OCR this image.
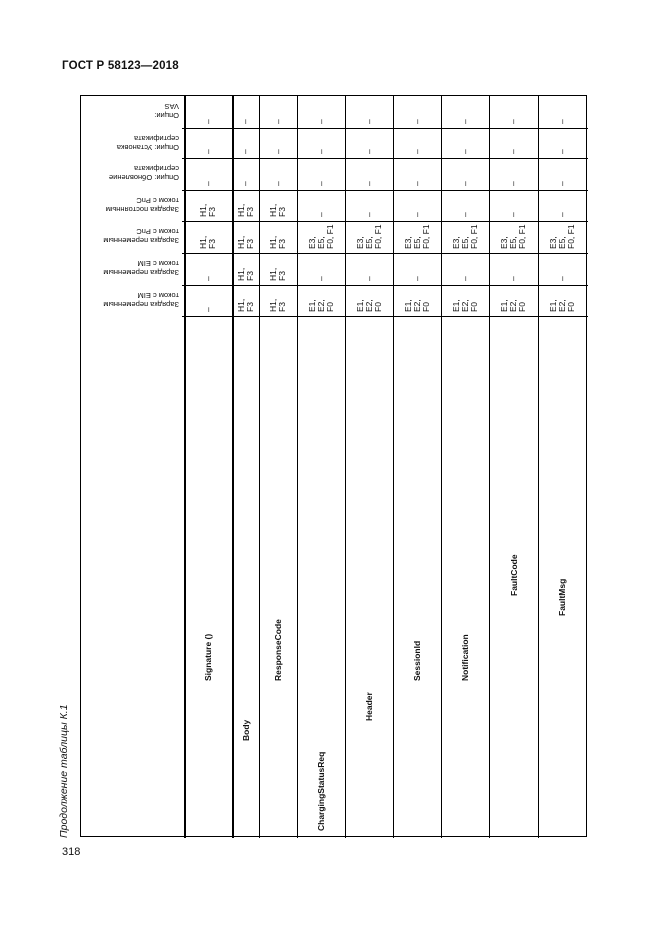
ГОСТ Р 58123—2018
Продолжение таблицы К.1
318
Зарядка переменным
током с EIM
Зарядка переменным
током с EIM
Зарядка переменным
током с PnC
Зарядка постоянным
током с PnC
Опции: Обновление
сертификата
Опции: Установка
сертификата
Опции:
VAS
Signature ()
–
–
H1,
F3
H1,
F3
–
–
–
Body
H1,
F3
H1,
F3
H1,
F3
H1,
F3
–
–
–
ResponseCode
H1,
F3
H1,
F3
H1,
F3
H1,
F3
–
–
–
ChargingStatusReq
E1,
E2,
F0
–
E3,
E5,
F0, F1
–
–
–
–
Header
E1,
E2,
F0
–
E3,
E5,
F0, F1
–
–
–
–
SessionId
E1,
E2,
F0
–
E3,
E5,
F0, F1
–
–
–
–
Notification
E1,
E2,
F0
–
E3,
E5,
F0, F1
–
–
–
–
FaultCode
E1,
E2,
F0
–
E3,
E5,
F0, F1
–
–
–
–
FaultMsg
E1,
E2,
F0
–
E3,
E5,
F0, F1
–
–
–
–
